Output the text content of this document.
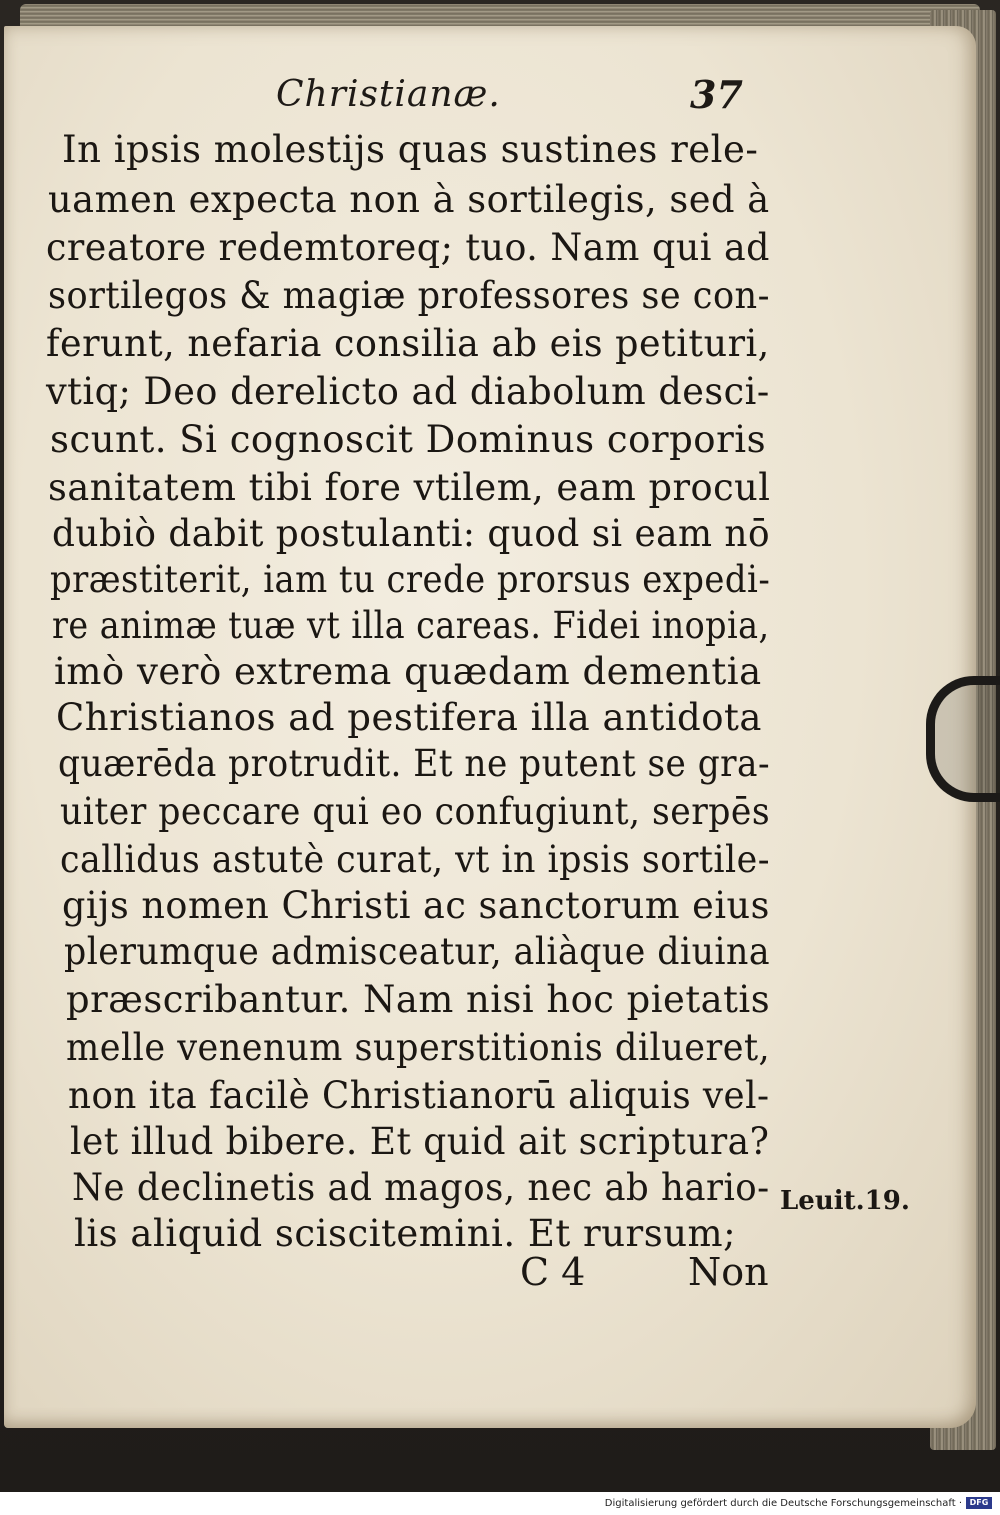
Christianæ.	37
In ipsis molestijs quas sustines rele-
uamen expecta non à sortilegis, sed à
creatore redemtoreq; tuo. Nam qui ad
sortilegos & magiæ professores se con-
ferunt, nefaria consilia ab eis petituri,
vtiq; Deo derelicto ad diabolum desci-
scunt. Si cognoscit Dominus corporis
sanitatem tibi fore vtilem, eam procul
dubiò dabit postulanti: quod si eam nō
præstiterit, iam tu crede prorsus expedi-
re animæ tuæ vt illa careas. Fidei inopia,
imò verò extrema quædam dementia
Christianos ad pestifera illa antidota
quærēda protrudit. Et ne putent se gra-
uiter peccare qui eo confugiunt, serpēs
callidus astutè curat, vt in ipsis sortile-
gijs nomen Christi ac sanctorum eius
plerumque admisceatur, aliàque diuina
præscribantur. Nam nisi hoc pietatis
melle venenum superstitionis dilueret,
non ita facilè Christianorū aliquis vel-
let illud bibere. Et quid ait scriptura?
Ne declinetis ad magos, nec ab hario-
lis aliquid sciscitemini. Et rursum;
Leuit.19.
C 4	Non
Digitalisierung gefördert durch die Deutsche Forschungsgemeinschaft · DFG
